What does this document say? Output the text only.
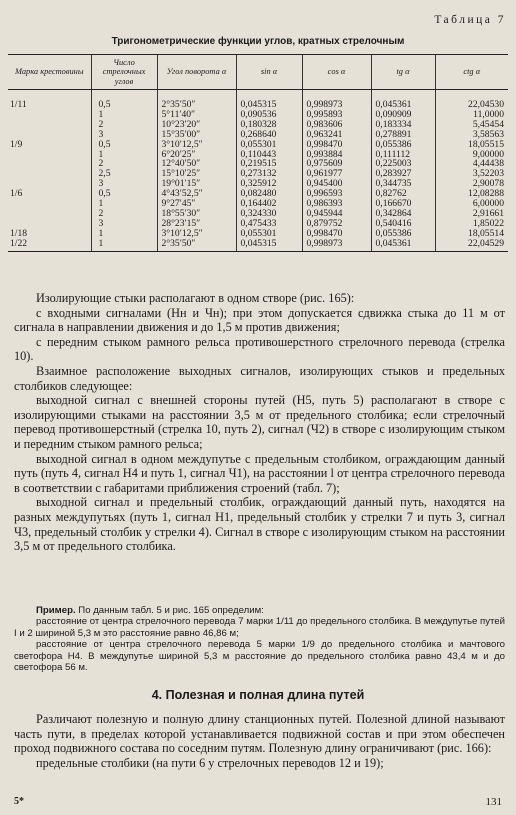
Таблица 7
Тригонометрические функции углов, кратных стрелочным
Марка крестовины	Число стрелочных углов	Угол поворота α	sin α	cos α	tg α	ctg α

1/11	0,5	2°35′50″	0,045315	0,998973	0,045361	22,04530
	1	5°11′40″	0,090536	0,995893	0,090909	11,0000
	2	10°23′20″	0,180328	0,983606	0,183334	5,45454
	3	15°35′00″	0,268640	0,963241	0,278891	3,58563
1/9	0,5	3°10′12,5″	0,055301	0,998470	0,055386	18,05515
	1	6°20′25″	0,110443	0,993884	0,111112	9,00000
	2	12°40′50″	0,219515	0,975609	0,225003	4,44438
	2,5	15°10′25″	0,273132	0,961977	0,283927	3,52203
	3	19°01′15″	0,325912	0,945400	0,344735	2,90078
1/6	0,5	4°43′52,5″	0,082480	0,996593	0,82762	12,08288
	1	9°27′45″	0,164402	0,986393	0,166670	6,00000
	2	18°55′30″	0,324330	0,945944	0,342864	2,91661
	3	28°23′15″	0,475433	0,879752	0,540416	1,85022
1/18	1	3°10′12,5″	0,055301	0,998470	0,055386	18,05514
1/22	1	2°35′50″	0,045315	0,998973	0,045361	22,04529

Изолирующие стыки располагают в одном створе (рис. 165):

с входными сигналами (Hн и Чн); при этом допускается сдвижка стыка до 11 м от сигнала в направлении движения и до 1,5 м против движения;

с передним стыком рамного рельса противошерстного стрелочного перевода (стрелка 10).

Взаимное расположение выходных сигналов, изолирующих стыков и предельных столбиков следующее:

выходной сигнал с внешней стороны путей (H5, путь 5) располагают в створе с изолирующими стыками на расстоянии 3,5 м от предельного столбика; если стрелочный перевод противошерстный (стрелка 10, путь 2), сигнал (Ч2) в створе с изолирующим стыком и передним стыком рамного рельса;

выходной сигнал в одном междупутье с предельным столбиком, ограждающим данный путь (путь 4, сигнал H4 и путь 1, сигнал Ч1), на расстоянии l от центра стрелочного перевода в соответствии с габаритами приближения строений (табл. 7);

выходной сигнал и предельный столбик, ограждающий данный путь, находятся на разных междупутьях (путь 1, сигнал H1, предельный столбик у стрелки 7 и путь 3, сигнал Ч3, предельный столбик у стрелки 4). Сигнал в створе с изолирующим стыком на расстоянии 3,5 м от предельного столбика.

Пример. По данным табл. 5 и рис. 165 определим:

расстояние от центра стрелочного перевода 7 марки 1/11 до предельного столбика. В междупутье путей I и 2 шириной 5,3 м это расстояние равно 46,86 м;

расстояние от центра стрелочного перевода 5 марки 1/9 до предельного столбика и мачтового светофора H4. В междупутье шириной 5,3 м расстояние до предельного столбика равно 43,4 м и до светофора 56 м.

4. Полезная и полная длина путей

Различают полезную и полную длину станционных путей. Полезной длиной называют часть пути, в пределах которой устанавливается подвижной состав и при этом обеспечен проход подвижного состава по соседним путям. Полезную длину ограничивают (рис. 166):

предельные столбики (на пути 6 у стрелочных переводов 12 и 19);

5*	131
